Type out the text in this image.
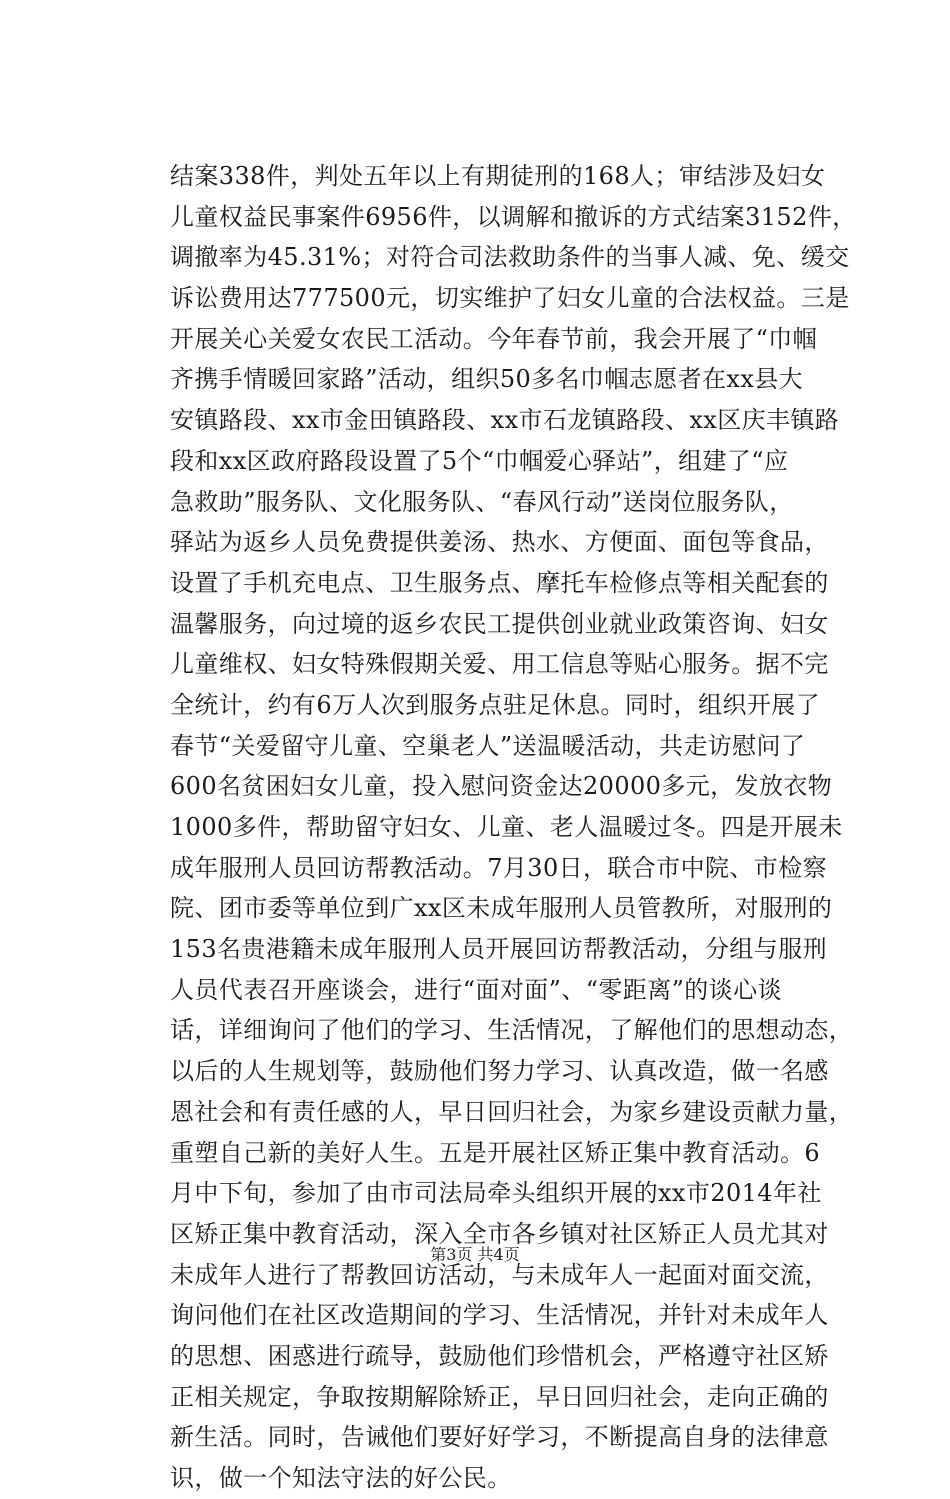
结案338件，判处五年以上有期徒刑的168人；审结涉及妇女
儿童权益民事案件6956件，以调解和撤诉的方式结案3152件，
调撤率为45.31%；对符合司法救助条件的当事人减、免、缓交
诉讼费用达777500元，切实维护了妇女儿童的合法权益。三是
开展关心关爱女农民工活动。今年春节前，我会开展了“巾帼
齐携手情暖回家路”活动，组织50多名巾帼志愿者在xx县大
安镇路段、xx市金田镇路段、xx市石龙镇路段、xx区庆丰镇路
段和xx区政府路段设置了5个“巾帼爱心驿站”，组建了“应
急救助”服务队、文化服务队、“春风行动”送岗位服务队，
驿站为返乡人员免费提供姜汤、热水、方便面、面包等食品，
设置了手机充电点、卫生服务点、摩托车检修点等相关配套的
温馨服务，向过境的返乡农民工提供创业就业政策咨询、妇女
儿童维权、妇女特殊假期关爱、用工信息等贴心服务。据不完
全统计，约有6万人次到服务点驻足休息。同时，组织开展了
春节“关爱留守儿童、空巢老人”送温暖活动，共走访慰问了
600名贫困妇女儿童，投入慰问资金达20000多元，发放衣物
1000多件，帮助留守妇女、儿童、老人温暖过冬。四是开展未
成年服刑人员回访帮教活动。7月30日，联合市中院、市检察
院、团市委等单位到广xx区未成年服刑人员管教所，对服刑的
153名贵港籍未成年服刑人员开展回访帮教活动，分组与服刑
人员代表召开座谈会，进行“面对面”、“零距离”的谈心谈
话，详细询问了他们的学习、生活情况，了解他们的思想动态，
以后的人生规划等，鼓励他们努力学习、认真改造，做一名感
恩社会和有责任感的人，早日回归社会，为家乡建设贡献力量，
重塑自己新的美好人生。五是开展社区矫正集中教育活动。6
月中下旬，参加了由市司法局牵头组织开展的xx市2014年社
区矫正集中教育活动，深入全市各乡镇对社区矫正人员尤其对
未成年人进行了帮教回访活动，与未成年人一起面对面交流，
询问他们在社区改造期间的学习、生活情况，并针对未成年人
的思想、困惑进行疏导，鼓励他们珍惜机会，严格遵守社区矫
正相关规定，争取按期解除矫正，早日回归社会，走向正确的
新生活。同时，告诫他们要好好学习，不断提高自身的法律意
识，做一个知法守法的好公民。
第3页 共4页
